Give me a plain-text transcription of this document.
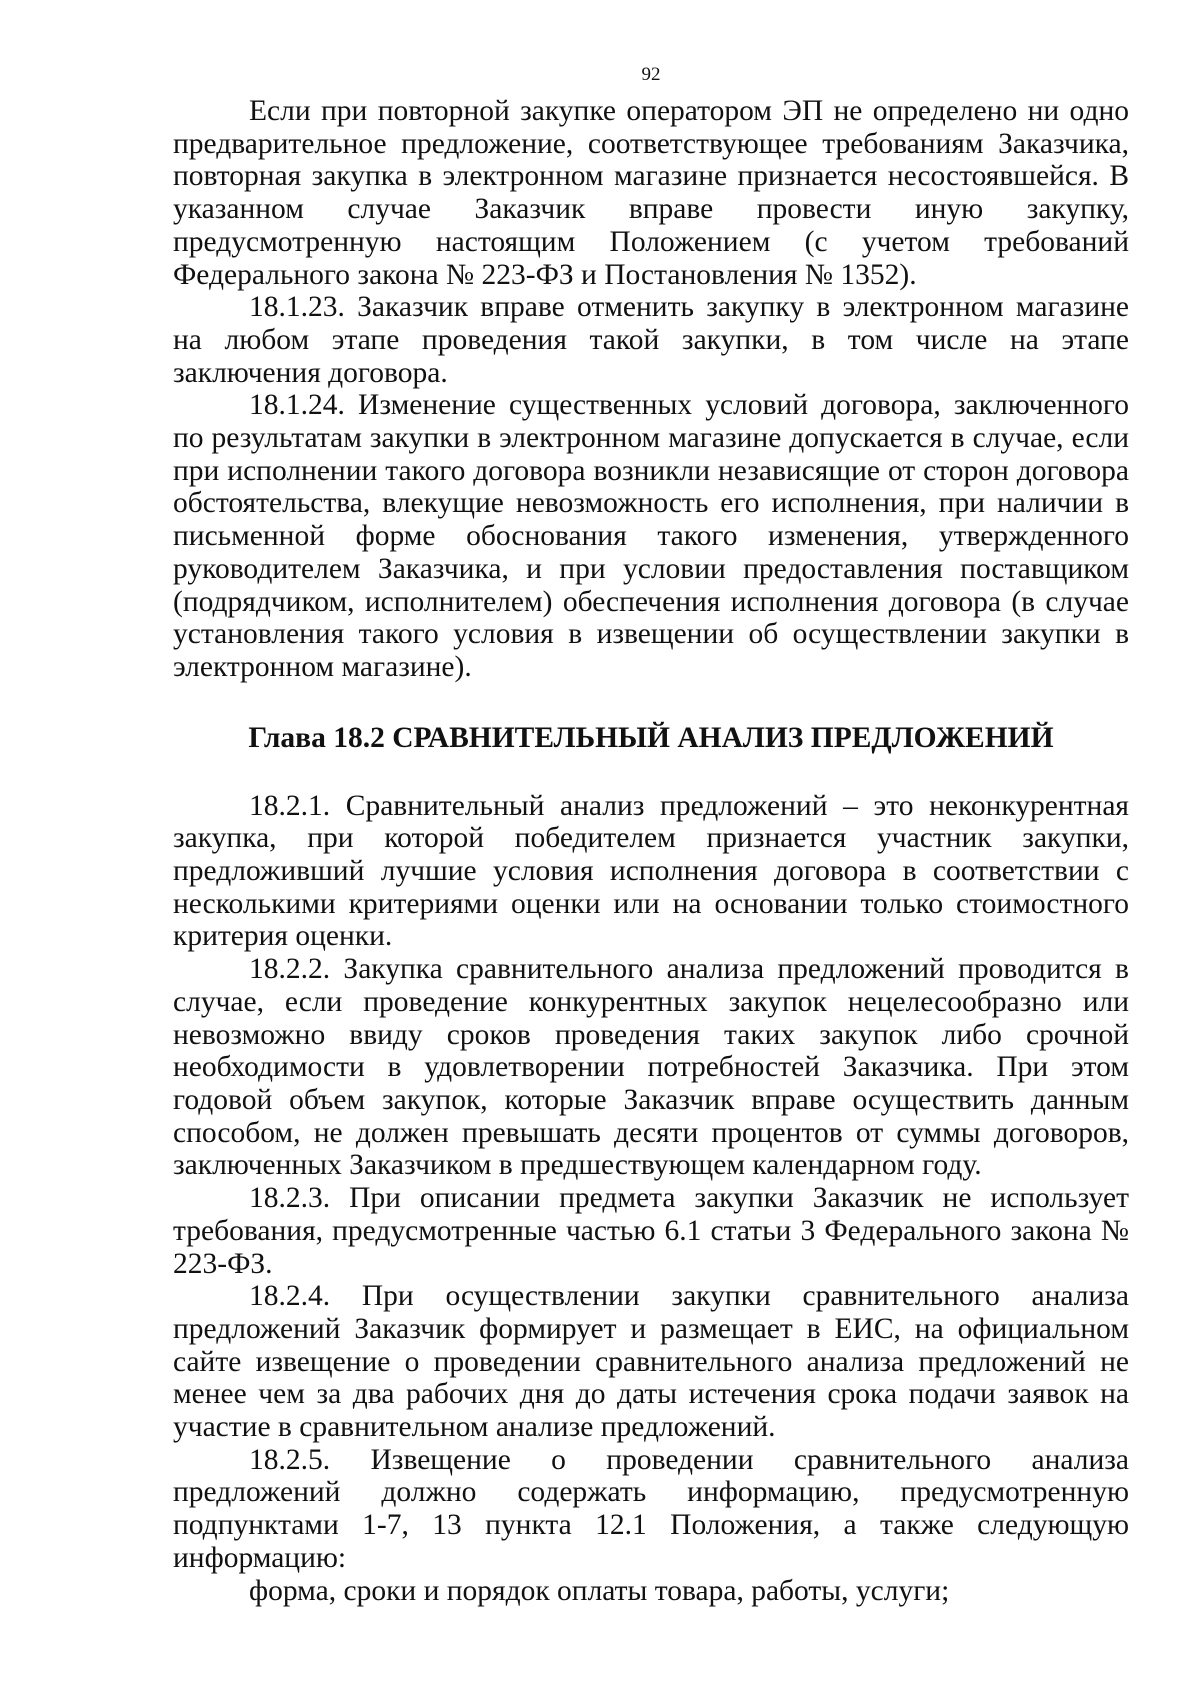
92

Если при повторной закупке оператором ЭП не определено ни одно предварительное предложение, соответствующее требованиям Заказчика, повторная закупка в электронном магазине признается несостоявшейся. В указанном случае Заказчик вправе провести иную закупку, предусмотренную настоящим Положением (с учетом требований Федерального закона № 223-ФЗ и Постановления № 1352).

18.1.23. Заказчик вправе отменить закупку в электронном магазине на любом этапе проведения такой закупки, в том числе на этапе заключения договора.

18.1.24. Изменение существенных условий договора, заключенного по результатам закупки в электронном магазине допускается в случае, если при исполнении такого договора возникли независящие от сторон договора обстоятельства, влекущие невозможность его исполнения, при наличии в письменной форме обоснования такого изменения, утвержденного руководителем Заказчика, и при условии предоставления поставщиком (подрядчиком, исполнителем) обеспечения исполнения договора (в случае установления такого условия в извещении об осуществлении закупки в электронном магазине).

Глава 18.2 СРАВНИТЕЛЬНЫЙ АНАЛИЗ ПРЕДЛОЖЕНИЙ

18.2.1. Сравнительный анализ предложений – это неконкурентная закупка, при которой победителем признается участник закупки, предложивший лучшие условия исполнения договора в соответствии с несколькими критериями оценки или на основании только стоимостного критерия оценки.

18.2.2. Закупка сравнительного анализа предложений проводится в случае, если проведение конкурентных закупок нецелесообразно или невозможно ввиду сроков проведения таких закупок либо срочной необходимости в удовлетворении потребностей Заказчика. При этом годовой объем закупок, которые Заказчик вправе осуществить данным способом, не должен превышать десяти процентов от суммы договоров, заключенных Заказчиком в предшествующем календарном году.

18.2.3. При описании предмета закупки Заказчик не использует требования, предусмотренные частью 6.1 статьи 3 Федерального закона № 223-ФЗ.

18.2.4. При осуществлении закупки сравнительного анализа предложений Заказчик формирует и размещает в ЕИС, на официальном сайте извещение о проведении сравнительного анализа предложений не менее чем за два рабочих дня до даты истечения срока подачи заявок на участие в сравнительном анализе предложений.

18.2.5. Извещение о проведении сравнительного анализа предложений должно содержать информацию, предусмотренную подпунктами 1-7, 13 пункта 12.1 Положения, а также следующую информацию:

форма, сроки и порядок оплаты товара, работы, услуги;
